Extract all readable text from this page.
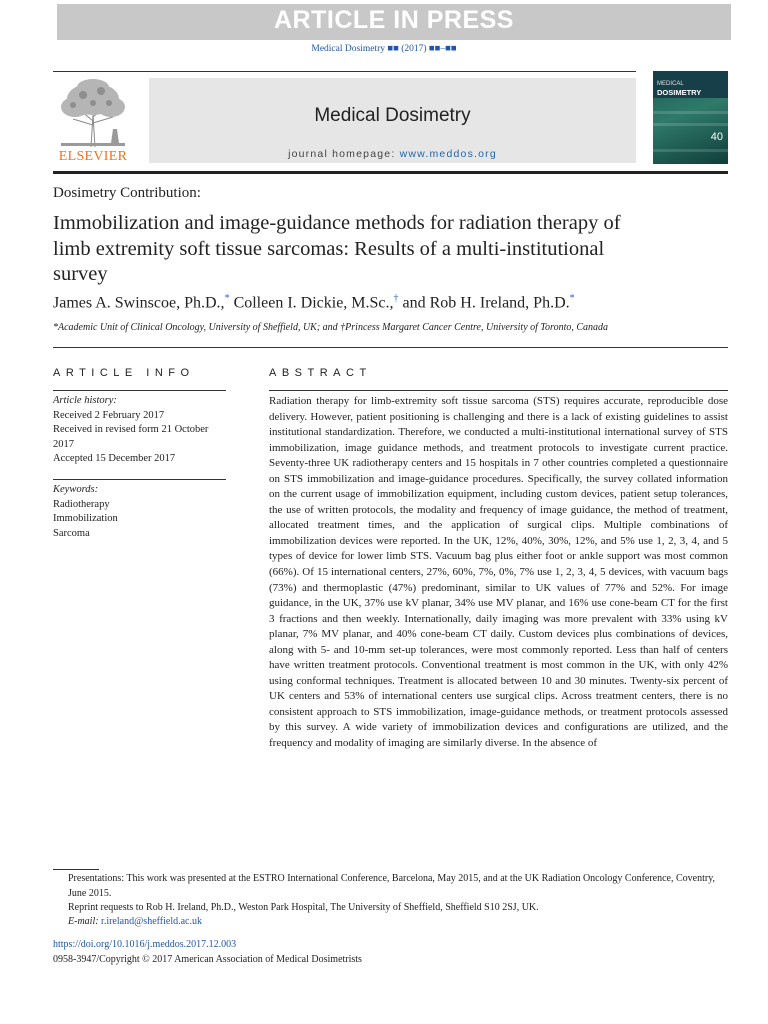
ARTICLE IN PRESS
Medical Dosimetry ■■ (2017) ■■–■■
ELSEVIER
Medical Dosimetry
journal homepage: www.meddos.org
MEDICAL
DOSIMETRY
40
Dosimetry Contribution:
Immobilization and image-guidance methods for radiation therapy of limb extremity soft tissue sarcomas: Results of a multi-institutional survey
James A. Swinscoe, Ph.D.,* Colleen I. Dickie, M.Sc.,† and Rob H. Ireland, Ph.D.*
*Academic Unit of Clinical Oncology, University of Sheffield, UK; and †Princess Margaret Cancer Centre, University of Toronto, Canada
ARTICLE INFO	ABSTRACT
Article history:
Received 2 February 2017
Received in revised form 21 October 2017
Accepted 15 December 2017
Keywords:
Radiotherapy
Immobilization
Sarcoma
Radiation therapy for limb-extremity soft tissue sarcoma (STS) requires accurate, reproducible dose delivery. However, patient positioning is challenging and there is a lack of existing guidelines to assist institutional standardization. Therefore, we conducted a multi-institutional international survey of STS immobilization, image guidance methods, and treatment protocols to investigate current practice. Seventy-three UK radiotherapy centers and 15 hospitals in 7 other countries completed a questionnaire on STS immobilization and image-guidance procedures. Specifically, the survey collated information on the current usage of immobilization equipment, including custom devices, patient setup tolerances, the use of written protocols, the modality and frequency of image guidance, the method of treatment, allocated treatment times, and the application of surgical clips. Multiple combinations of immobilization devices were reported. In the UK, 12%, 40%, 30%, 12%, and 5% use 1, 2, 3, 4, and 5 types of device for lower limb STS. Vacuum bag plus either foot or ankle support was most common (66%). Of 15 international centers, 27%, 60%, 7%, 0%, 7% use 1, 2, 3, 4, 5 devices, with vacuum bags (73%) and thermoplastic (47%) predominant, similar to UK values of 77% and 52%. For image guidance, in the UK, 37% use kV planar, 34% use MV planar, and 16% use cone-beam CT for the first 3 fractions and then weekly. Internationally, daily imaging was more prevalent with 33% using kV planar, 7% MV planar, and 40% cone-beam CT daily. Custom devices plus combinations of devices, along with 5- and 10-mm set-up tolerances, were most commonly reported. Less than half of centers have written treatment protocols. Conventional treatment is most common in the UK, with only 42% using conformal techniques. Treatment is allocated between 10 and 30 minutes. Twenty-six percent of UK centers and 53% of international centers use surgical clips. Across treatment centers, there is no consistent approach to STS immobilization, image-guidance methods, or treatment protocols assessed by this survey. A wide variety of immobilization devices and configurations are utilized, and the frequency and modality of imaging are similarly diverse. In the absence of
Presentations: This work was presented at the ESTRO International Conference, Barcelona, May 2015, and at the UK Radiation Oncology Conference, Coventry, June 2015.
Reprint requests to Rob H. Ireland, Ph.D., Weston Park Hospital, The University of Sheffield, Sheffield S10 2SJ, UK.
E-mail: r.ireland@sheffield.ac.uk
https://doi.org/10.1016/j.meddos.2017.12.003
0958-3947/Copyright © 2017 American Association of Medical Dosimetrists
